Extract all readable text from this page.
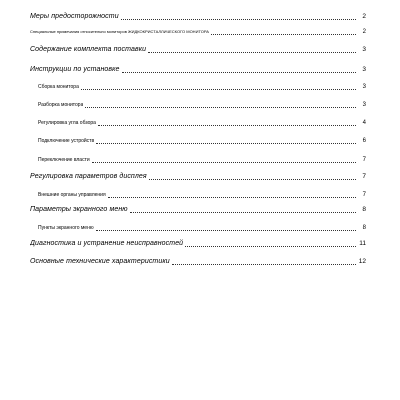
Меры предосторожности	2
Специальные примечания относительно мониторов ЖИДКОКРИСТАЛЛИЧЕСКОГО МОНИТОРА	2
Содержание комплекта поставки	3
Инструкции по установке	3
Сборка монитора	3
Разборка монитора	3
Регулировка угла обзора	4
Подключение устройств	6
Переключение власти	7
Регулировка параметров дисплея	7
Внешние органы управления	7
Параметры экранного меню	8
Пункты экранного меню	8
Диагностика и устранение неисправностей	11
Основные технические характеристики	12
